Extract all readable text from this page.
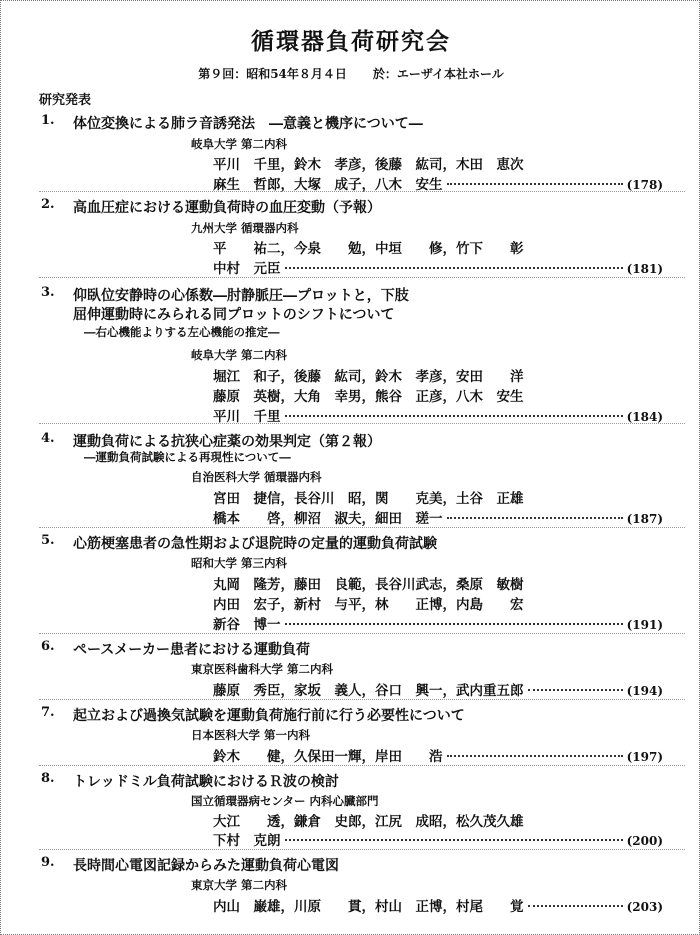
循環器負荷研究会
第９回：昭和54年８月４日 於：エーザイ本社ホール
研究発表
1. 体位変換による肺ラ音誘発法　―意義と機序について―
岐阜大学 第二内科
平川　千里，鈴木　孝彦，後藤　紘司，木田　恵次
麻生　哲郎，大塚　成子，八木　安生	(178)
2. 高血圧症における運動負荷時の血圧変動（予報）
九州大学 循環器内科
平　　祐二，今泉　　勉，中垣　　修，竹下　　彰
中村　元臣	(181)
3. 仰臥位安静時の心係数―肘静脈圧―プロットと，下肢
屈伸運動時にみられる同プロットのシフトについて
―右心機能よりする左心機能の推定―
岐阜大学 第二内科
堀江　和子，後藤　紘司，鈴木　孝彦，安田　　洋
藤原　英樹，大角　幸男，熊谷　正彦，八木　安生
平川　千里	(184)
4. 運動負荷による抗狭心症薬の効果判定（第２報）
―運動負荷試験による再現性について―
自治医科大学 循環器内科
宮田　捷信，長谷川　昭，関　　克美，土谷　正雄
橋本　　啓，柳沼　淑夫，細田　瑳一	(187)
5. 心筋梗塞患者の急性期および退院時の定量的運動負荷試験
昭和大学 第三内科
丸岡　隆芳，藤田　良範，長谷川武志，桑原　敏樹
内田　宏子，新村　与平，林　　正博，内島　　宏
新谷　博一	(191)
6. ペースメーカー患者における運動負荷
東京医科歯科大学 第二内科
藤原　秀臣，家坂　義人，谷口　興一，武内重五郎	(194)
7. 起立および過換気試験を運動負荷施行前に行う必要性について
日本医科大学 第一内科
鈴木　　健，久保田一輝，岸田　　浩	(197)
8. トレッドミル負荷試験におけるＲ波の検討
国立循環器病センター 内科心臓部門
大江　　透，鎌倉　史郎，江尻　成昭，松久茂久雄
下村　克朗	(200)
9. 長時間心電図記録からみた運動負荷心電図
東京大学 第二内科
内山　巌雄，川原　　貫，村山　正博，村尾　　覚	(203)
